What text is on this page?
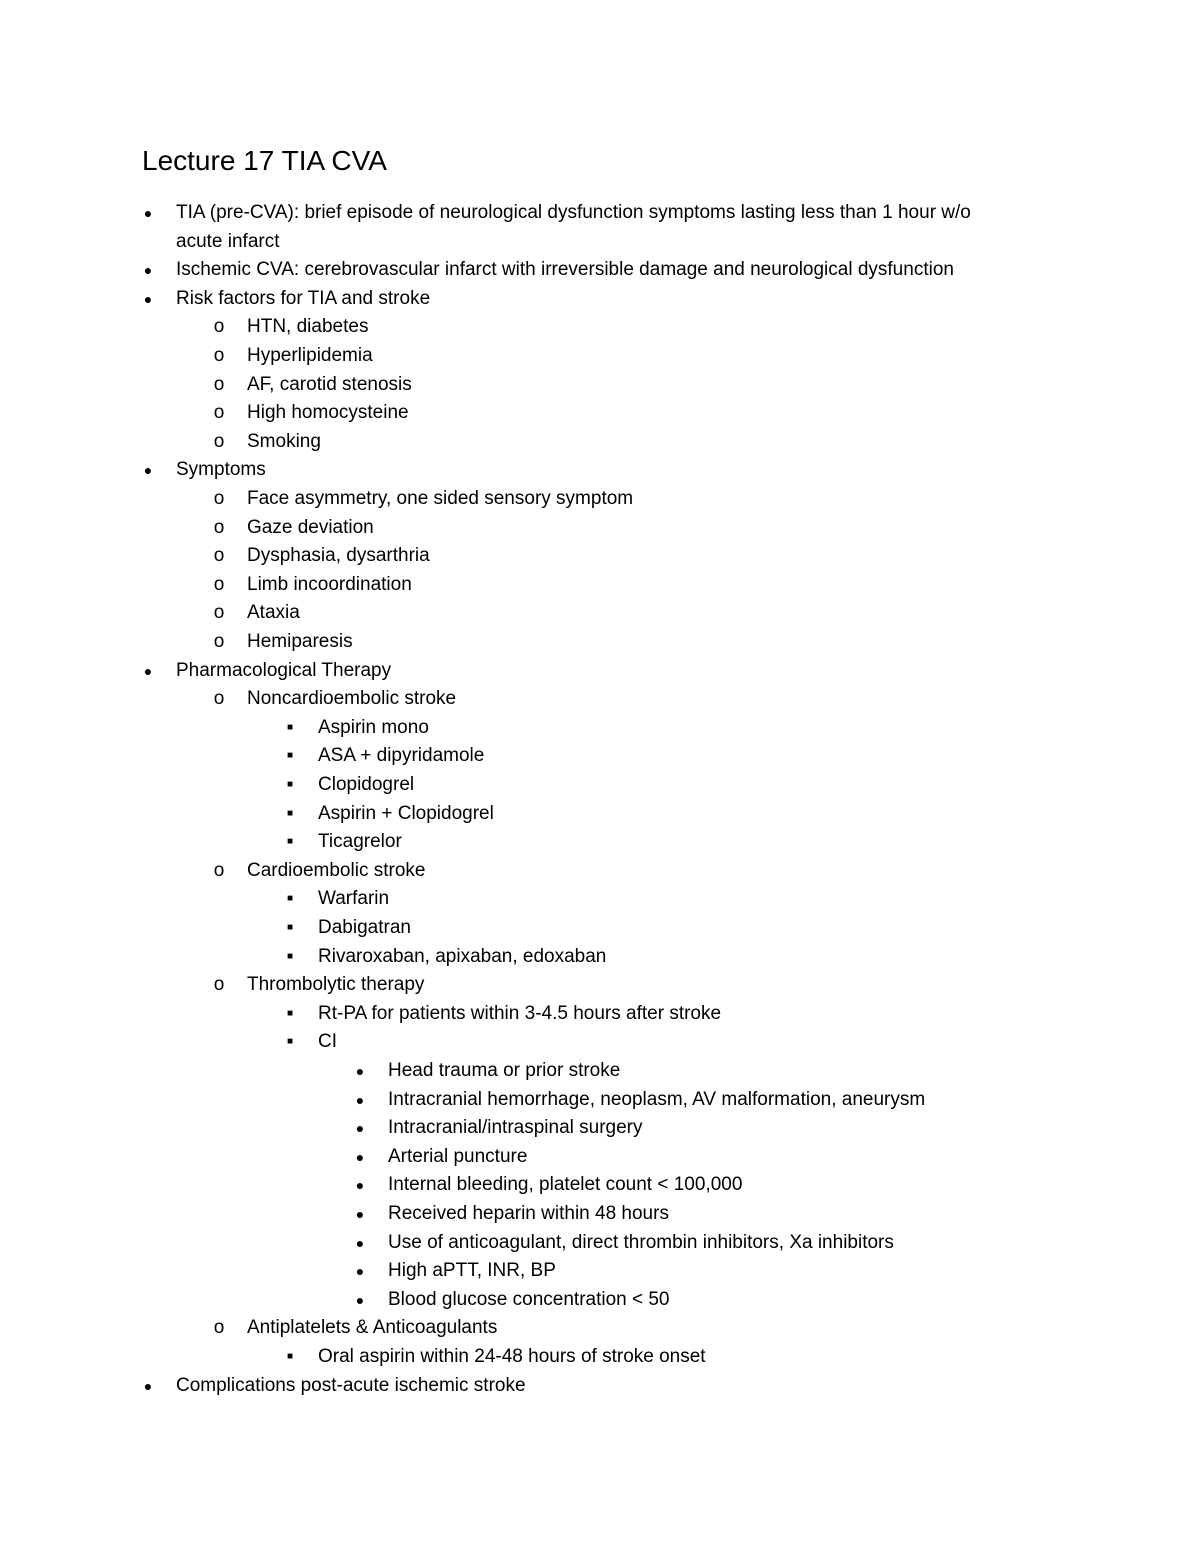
Lecture 17 TIA CVA
● TIA (pre-CVA): brief episode of neurological dysfunction symptoms lasting less than 1 hour w/o
acute infarct
● Ischemic CVA: cerebrovascular infarct with irreversible damage and neurological dysfunction
● Risk factors for TIA and stroke
o HTN, diabetes
o Hyperlipidemia
o AF, carotid stenosis
o High homocysteine
o Smoking
● Symptoms
o Face asymmetry, one sided sensory symptom
o Gaze deviation
o Dysphasia, dysarthria
o Limb incoordination
o Ataxia
o Hemiparesis
● Pharmacological Therapy
o Noncardioembolic stroke
■ Aspirin mono
■ ASA + dipyridamole
■ Clopidogrel
■ Aspirin + Clopidogrel
■ Ticagrelor
o Cardioembolic stroke
■ Warfarin
■ Dabigatran
■ Rivaroxaban, apixaban, edoxaban
o Thrombolytic therapy
■ Rt-PA for patients within 3-4.5 hours after stroke
■ CI
● Head trauma or prior stroke
● Intracranial hemorrhage, neoplasm, AV malformation, aneurysm
● Intracranial/intraspinal surgery
● Arterial puncture
● Internal bleeding, platelet count < 100,000
● Received heparin within 48 hours
● Use of anticoagulant, direct thrombin inhibitors, Xa inhibitors
● High aPTT, INR, BP
● Blood glucose concentration < 50
o Antiplatelets & Anticoagulants
■ Oral aspirin within 24-48 hours of stroke onset
● Complications post-acute ischemic stroke
